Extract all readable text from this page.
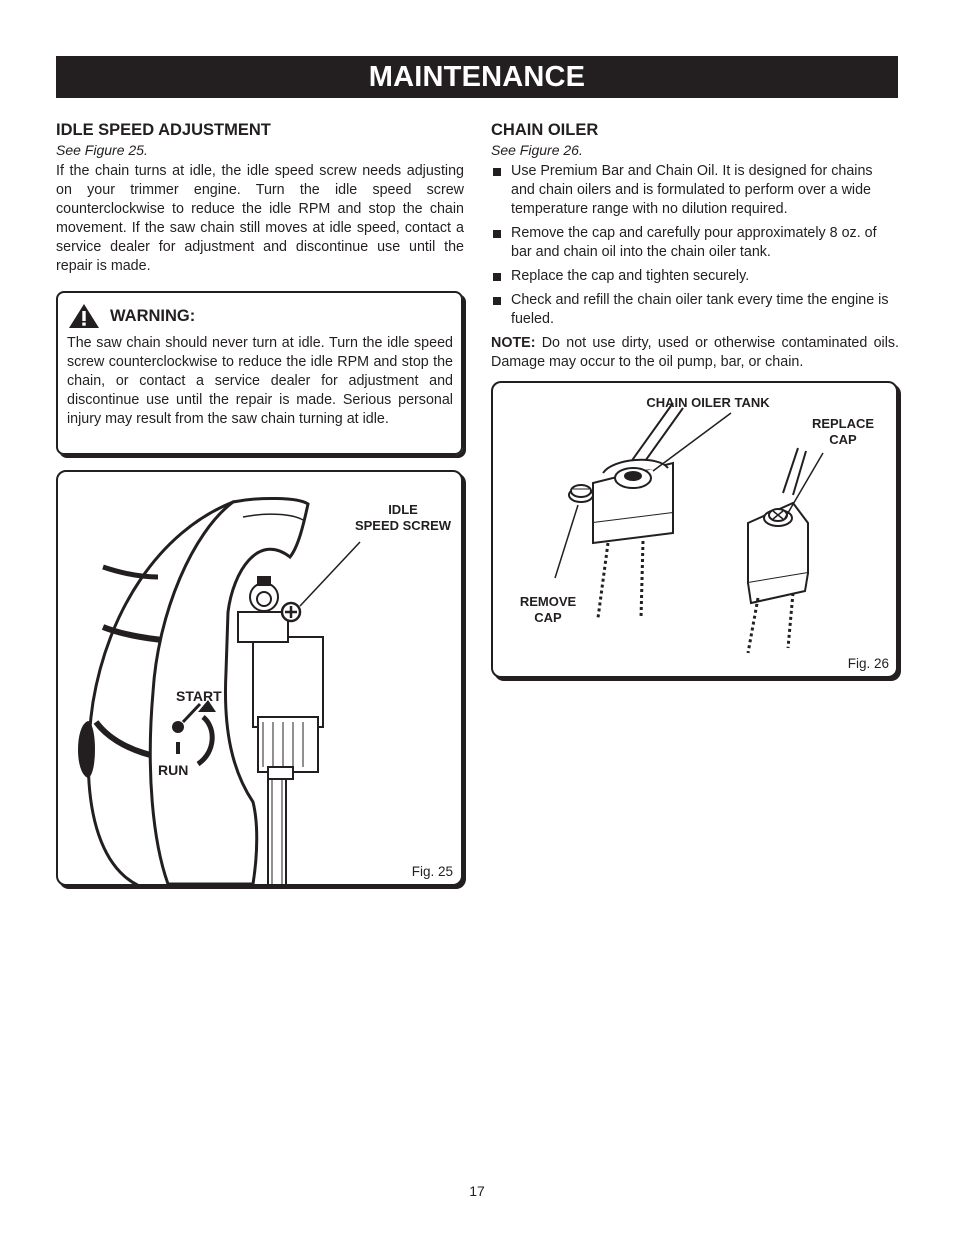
MAINTENANCE
IDLE SPEED ADJUSTMENT
See Figure 25.

If the chain turns at idle, the idle speed screw needs adjusting on your trimmer engine. Turn the idle speed screw counterclockwise to reduce the idle RPM and stop the chain movement. If the saw chain still moves at idle speed, contact a service dealer for adjustment and discontinue use until the repair is made.

WARNING:
The saw chain should never turn at idle. Turn the idle speed screw counterclockwise to reduce the idle RPM and stop the chain, or contact a service dealer for adjustment and discontinue use until the repair is made. Serious personal injury may result from the saw chain turning at idle.
IDLE
SPEED SCREW
START
RUN
Fig. 25
CHAIN OILER
See Figure 26.
Use Premium Bar and Chain Oil. It is designed for chains and chain oilers and is formulated to perform over a wide temperature range with no dilution required.
Remove the cap and carefully pour approximately 8 oz. of bar and chain oil into the chain oiler tank.
Replace the cap and tighten securely.
Check and refill the chain oiler tank every time the engine is fueled.

NOTE: Do not use dirty, used or otherwise contaminated oils. Damage may occur to the oil pump, bar, or chain.

CHAIN OILER TANK
REPLACE
CAP
REMOVE
CAP
Fig. 26
17
